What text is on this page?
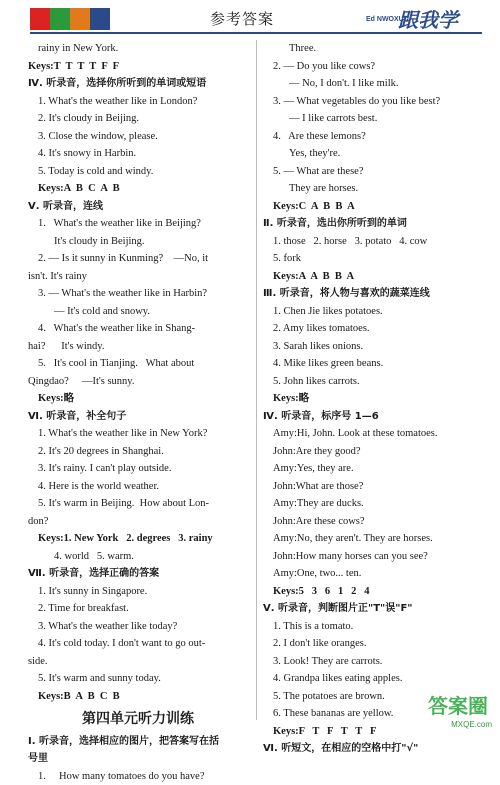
参考答案	Ed NWOXUD
跟我学
rainy in New York.
Keys:T  T  T  T  F  F
Ⅳ. 听录音，选择你所听到的单词或短语
1. What's the weather like in London?
2. It's cloudy in Beijing.
3. Close the window, please.
4. It's snowy in Harbin.
5. Today is cold and windy.
Keys:A  B  C  A  B
Ⅴ. 听录音，连线
1.   What's the weather like in Beijing?
It's cloudy in Beijing.
2. — Is it sunny in Kunming?    —No, it
isn't. It's rainy
3. — What's the weather like in Harbin?
— It's cold and snowy.
4.   What's the weather like in Shang-
hai?      It's windy.
5.   It's cool in Tianjing.   What about
Qingdao?     —It's sunny.
Keys:略
Ⅵ. 听录音，补全句子
1. What's the weather like in New York?
2. It's 20 degrees in Shanghai.
3. It's rainy. I can't play outside.
4. Here is the world weather.
5. It's warm in Beijing.  How about Lon-
don?
Keys:1. New York   2. degrees   3. rainy
4. world   5. warm.
Ⅶ. 听录音，选择正确的答案
1. It's sunny in Singapore.
2. Time for breakfast.
3. What's the weather like today?
4. It's cold today. I don't want to go out-
side.
5. It's warm and sunny today.
Keys:B  A  B  C  B
第四单元听力训练
Ⅰ. 听录音，选择相应的图片，把答案写在括
号里
1.     How many tomatoes do you have?
Three.
2. — Do you like cows?
— No, I don't. I like milk.
3. — What vegetables do you like best?
— I like carrots best.
4.   Are these lemons?
Yes, they're.
5. — What are these?
They are horses.
Keys:C  A  B  B  A
Ⅱ. 听录音，选出你所听到的单词
1. those   2. horse   3. potato   4. cow
5. fork
Keys:A  A  B  B  A
Ⅲ. 听录音，将人物与喜欢的蔬菜连线
1. Chen Jie likes potatoes.
2. Amy likes tomatoes.
3. Sarah likes onions.
4. Mike likes green beans.
5. John likes carrots.
Keys:略
Ⅳ. 听录音，标序号 1—6
Amy:Hi, John. Look at these tomatoes.
John:Are they good?
Amy:Yes, they are.
John:What are those?
Amy:They are ducks.
John:Are these cows?
Amy:No, they aren't. They are horses.
John:How many horses can you see?
Amy:One, two... ten.
Keys:5   3   6   1   2   4
Ⅴ. 听录音，判断图片正"T"误"F"
1. This is a tomato.
2. I don't like oranges.
3. Look! They are carrots.
4. Grandpa likes eating apples.
5. The potatoes are brown.
6. These bananas are yellow.
Keys:F   T   F   T   T   F
Ⅵ. 听短文，在相应的空格中打"√"
答案圈
MXQE.com
